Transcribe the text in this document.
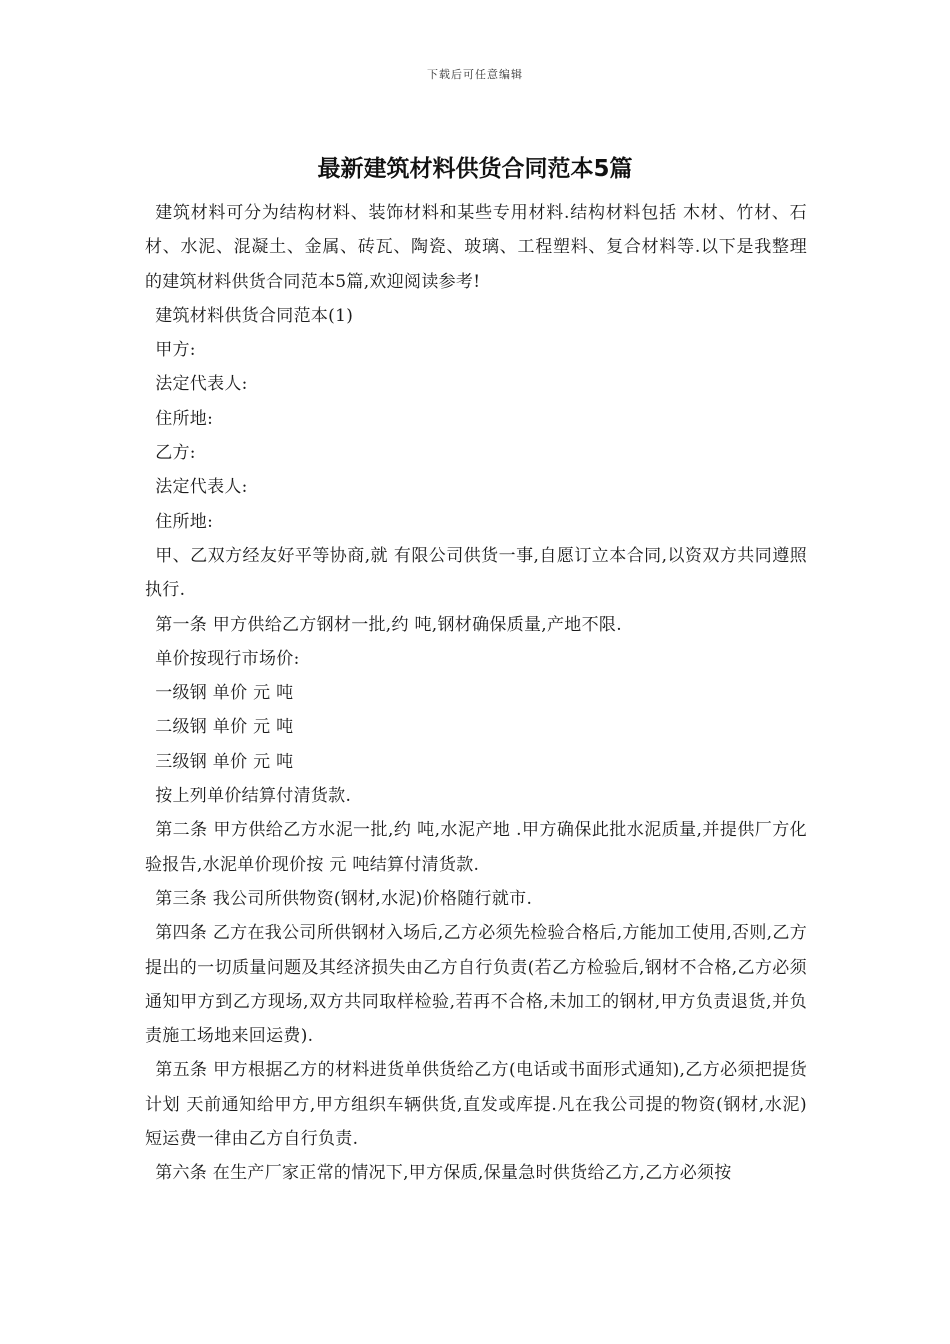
下载后可任意编辑
最新建筑材料供货合同范本5篇

建筑材料可分为结构材料、装饰材料和某些专用材料.结构材料包括 木材、竹材、石材、水泥、混凝土、金属、砖瓦、陶瓷、玻璃、工程塑料、复合材料等.以下是我整理的建筑材料供货合同范本5篇,欢迎阅读参考!

建筑材料供货合同范本(1)

甲方:

法定代表人:

住所地:

乙方:

法定代表人:

住所地:

甲、乙双方经友好平等协商,就 有限公司供货一事,自愿订立本合同,以资双方共同遵照执行.

第一条 甲方供给乙方钢材一批,约 吨,钢材确保质量,产地不限.

单价按现行市场价:

一级钢 单价 元 吨

二级钢 单价 元 吨

三级钢 单价 元 吨

按上列单价结算付清货款.

第二条 甲方供给乙方水泥一批,约 吨,水泥产地 .甲方确保此批水泥质量,并提供厂方化验报告,水泥单价现价按 元 吨结算付清货款.

第三条 我公司所供物资(钢材,水泥)价格随行就市.

第四条 乙方在我公司所供钢材入场后,乙方必须先检验合格后,方能加工使用,否则,乙方提出的一切质量问题及其经济损失由乙方自行负责(若乙方检验后,钢材不合格,乙方必须通知甲方到乙方现场,双方共同取样检验,若再不合格,未加工的钢材,甲方负责退货,并负责施工场地来回运费).

第五条 甲方根据乙方的材料进货单供货给乙方(电话或书面形式通知),乙方必须把提货计划 天前通知给甲方,甲方组织车辆供货,直发或库提.凡在我公司提的物资(钢材,水泥)短运费一律由乙方自行负责.

第六条 在生产厂家正常的情况下,甲方保质,保量急时供货给乙方,乙方必须按
